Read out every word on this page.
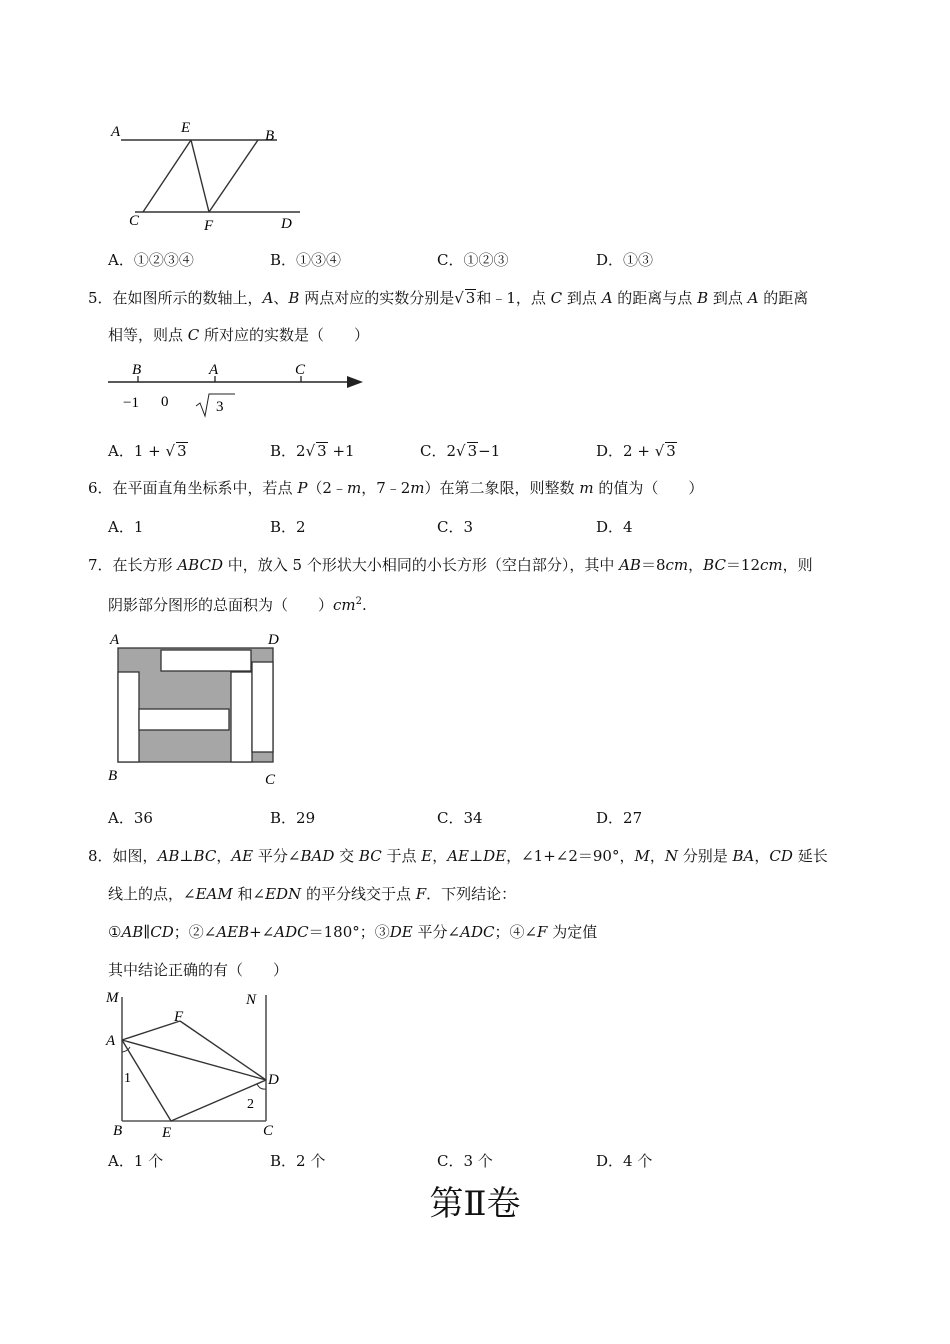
A	E	B
C	F	D
A．①②③④	B．①③④	C．①②③	D．①③
5．在如图所示的数轴上，A、B 两点对应的实数分别是√ 3和﹣1，点 C 到点 A 的距离与点 B 到点 A 的距离
相等，则点 C 所对应的实数是（　　）
B	A	C
−1 0	3
A．1 + √ 3	B．2√ 3 +1	C．2√ 3−1	D．2 + √ 3
6．在平面直角坐标系中，若点 P（2﹣m，7﹣2m）在第二象限，则整数 m 的值为（　　）
A．1	B．2	C．3	D．4
7．在长方形 ABCD 中，放入 5 个形状大小相同的小长方形（空白部分），其中 AB＝8cm，BC＝12cm，则
阴影部分图形的总面积为（　　）$cm^2$.
A	D
B	C
A．36	B．29	C．34	D．27
8．如图，AB⊥BC，AE 平分∠BAD 交 BC 于点 E，AE⊥DE，∠1+∠2＝90°，M，N 分别是 BA，CD 延长
线上的点，∠EAM 和∠EDN 的平分线交于点 F．下列结论：
①AB∥CD；②∠AEB+∠ADC＝180°；③DE 平分∠ADC；④∠F 为定值
其中结论正确的有（　　）
M	N
F
A
D
1
2
B	E	C
A．1 个	B．2 个	C．3 个	D．4 个
第Ⅱ卷
